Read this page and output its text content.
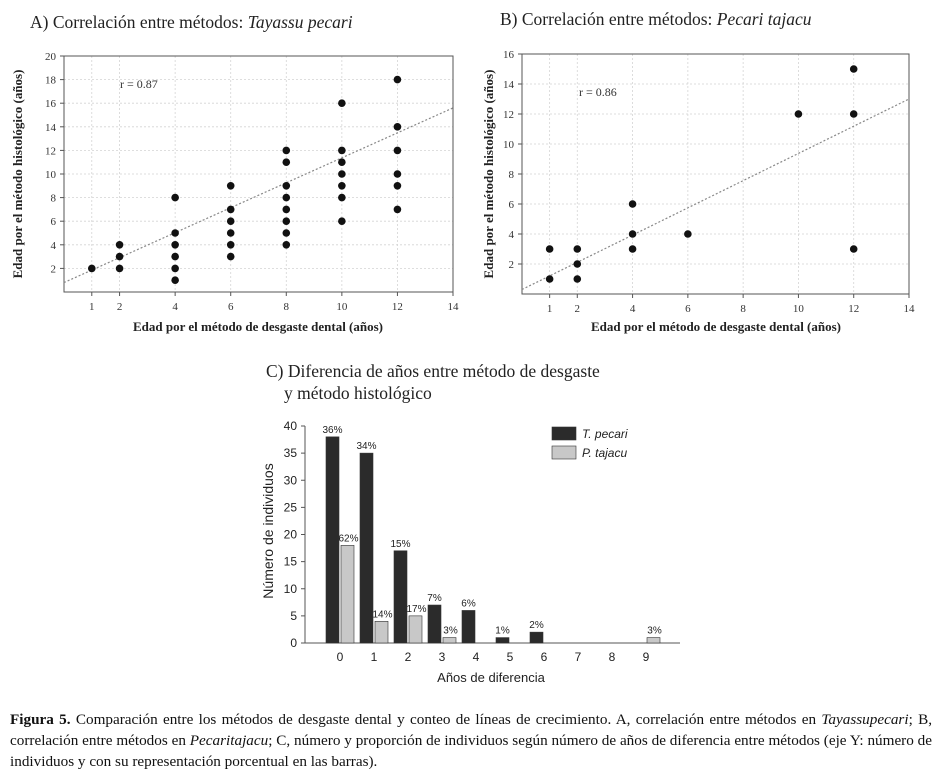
A) Correlación entre métodos: Tayassu pecari
1 2	4	6	8	10	12	14
2
4
6
8
10
12
14
16
18
20
r = 0.87
Edad por el método de desgaste dental (años)
Edad por el método histológico (años)
B) Correlación entre métodos: Pecari tajacu
1 2	4	6	8	10	12	14
2
4
6
8
10
12
14
16
r = 0.86
Edad por el método de desgaste dental (años)
Edad por el método histológico (años)
C) Diferencia de años entre método de desgaste
y método histológico
0
5
10
15
20
25
30
35
40	36%
34%
15%
7% 6%
1% 2%
62%
14% 17%
3%	3%
0 1 2 3 4 5 6 7 8 9
Años de diferencia
Número de individuos
T. pecari
P. tajacu
Figura 5. Comparación entre los métodos de desgaste dental y conteo de líneas de crecimiento. A, correlación entre métodos en Tayassupecari; B, correlación entre métodos en Pecaritajacu; C, número y proporción de individuos según número de años de diferencia entre métodos (eje Y: número de individuos y con su representación porcentual en las barras).
